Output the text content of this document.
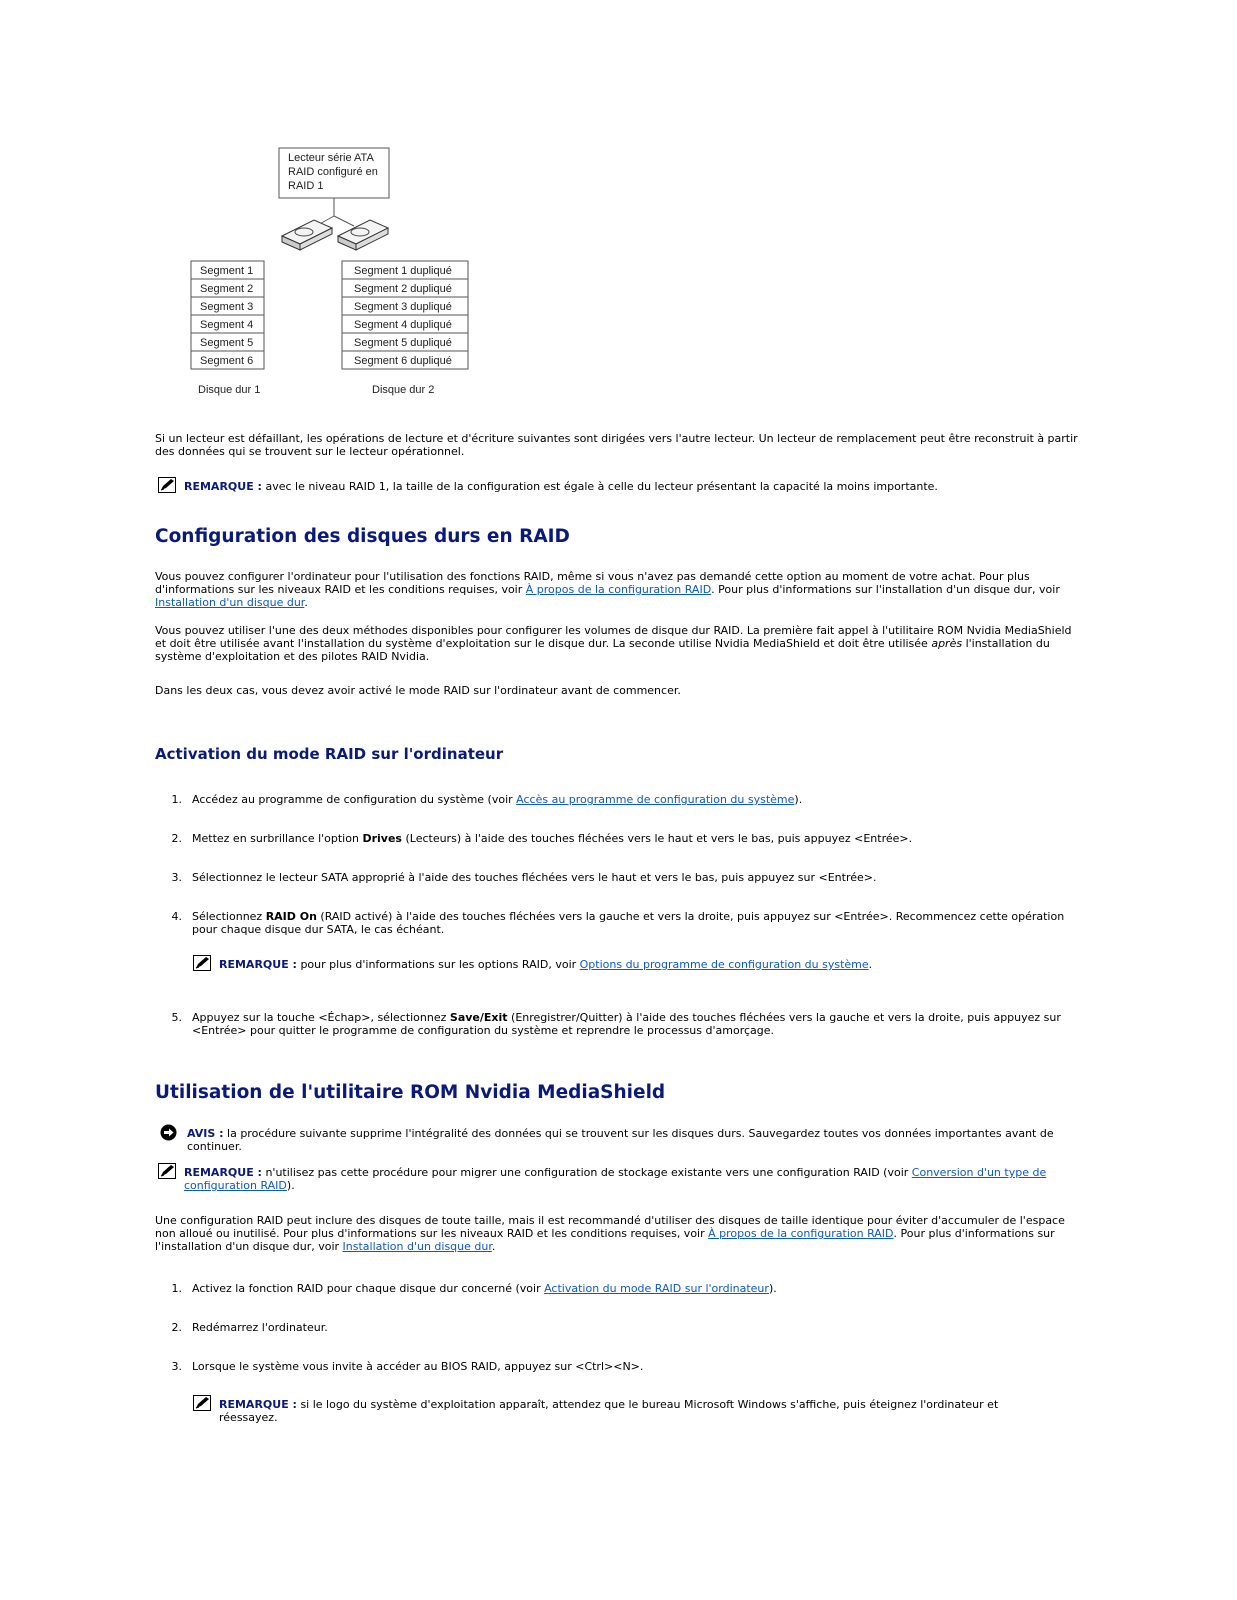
Lecteur série ATA
RAID configuré en
RAID 1
Segment 1
Segment 2
Segment 3
Segment 4
Segment 5
Segment 6
Segment 1 dupliqué
Segment 2 dupliqué
Segment 3 dupliqué
Segment 4 dupliqué
Segment 5 dupliqué
Segment 6 dupliqué
Disque dur 1	Disque dur 2
Si un lecteur est défaillant, les opérations de lecture et d'écriture suivantes sont dirigées vers l'autre lecteur. Un lecteur de remplacement peut être reconstruit à partir des données qui se trouvent sur le lecteur opérationnel.
REMARQUE : avec le niveau RAID 1, la taille de la configuration est égale à celle du lecteur présentant la capacité la moins importante.
Configuration des disques durs en RAID
Vous pouvez configurer l'ordinateur pour l'utilisation des fonctions RAID, même si vous n'avez pas demandé cette option au moment de votre achat. Pour plus d'informations sur les niveaux RAID et les conditions requises, voir À propos de la configuration RAID. Pour plus d'informations sur l'installation d'un disque dur, voir Installation d'un disque dur.
Vous pouvez utiliser l'une des deux méthodes disponibles pour configurer les volumes de disque dur RAID. La première fait appel à l'utilitaire ROM Nvidia MediaShield et doit être utilisée avant l'installation du système d'exploitation sur le disque dur. La seconde utilise Nvidia MediaShield et doit être utilisée après l'installation du système d'exploitation et des pilotes RAID Nvidia.
Dans les deux cas, vous devez avoir activé le mode RAID sur l'ordinateur avant de commencer.
Activation du mode RAID sur l'ordinateur
1. Accédez au programme de configuration du système (voir Accès au programme de configuration du système).
2. Mettez en surbrillance l'option Drives (Lecteurs) à l'aide des touches fléchées vers le haut et vers le bas, puis appuyez <Entrée>.
3. Sélectionnez le lecteur SATA approprié à l'aide des touches fléchées vers le haut et vers le bas, puis appuyez sur <Entrée>.
4. Sélectionnez RAID On (RAID activé) à l'aide des touches fléchées vers la gauche et vers la droite, puis appuyez sur <Entrée>. Recommencez cette opération pour chaque disque dur SATA, le cas échéant.
REMARQUE : pour plus d'informations sur les options RAID, voir Options du programme de configuration du système.
5. Appuyez sur la touche <Échap>, sélectionnez Save/Exit (Enregistrer/Quitter) à l'aide des touches fléchées vers la gauche et vers la droite, puis appuyez sur <Entrée> pour quitter le programme de configuration du système et reprendre le processus d'amorçage.
Utilisation de l'utilitaire ROM Nvidia MediaShield
AVIS : la procédure suivante supprime l'intégralité des données qui se trouvent sur les disques durs. Sauvegardez toutes vos données importantes avant de continuer.
REMARQUE : n'utilisez pas cette procédure pour migrer une configuration de stockage existante vers une configuration RAID (voir Conversion d'un type de configuration RAID).
Une configuration RAID peut inclure des disques de toute taille, mais il est recommandé d'utiliser des disques de taille identique pour éviter d'accumuler de l'espace non alloué ou inutilisé. Pour plus d'informations sur les niveaux RAID et les conditions requises, voir À propos de la configuration RAID. Pour plus d'informations sur l'installation d'un disque dur, voir Installation d'un disque dur.
1. Activez la fonction RAID pour chaque disque dur concerné (voir Activation du mode RAID sur l'ordinateur).
2. Redémarrez l'ordinateur.
3. Lorsque le système vous invite à accéder au BIOS RAID, appuyez sur <Ctrl><N>.
REMARQUE : si le logo du système d'exploitation apparaît, attendez que le bureau Microsoft Windows s'affiche, puis éteignez l'ordinateur et réessayez.
